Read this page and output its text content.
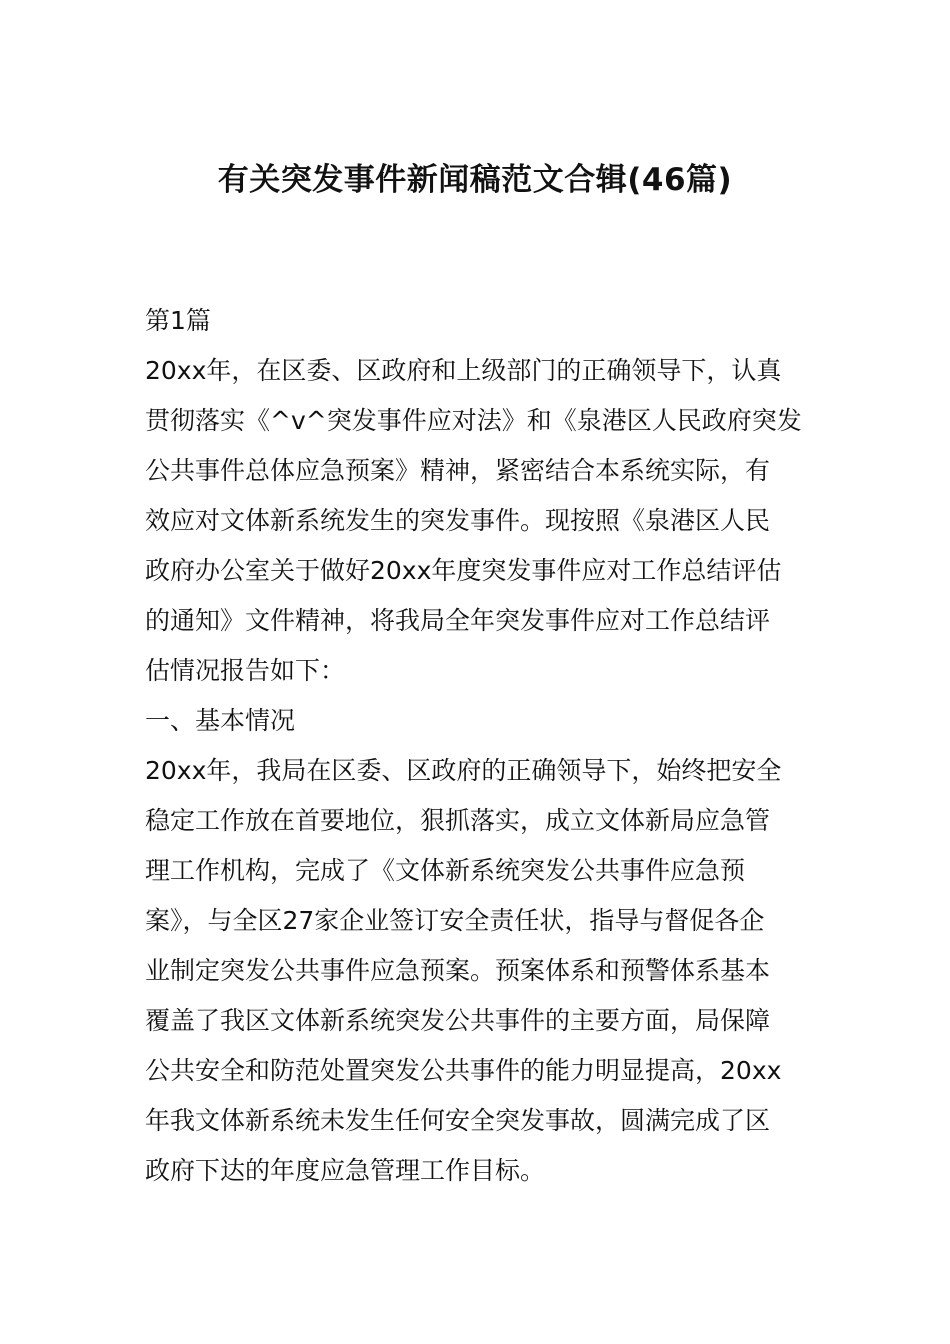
有关突发事件新闻稿范文合辑(46篇)
第1篇
20xx年，在区委、区政府和上级部门的正确领导下，认真
贯彻落实《^v^突发事件应对法》和《泉港区人民政府突发
公共事件总体应急预案》精神，紧密结合本系统实际，有
效应对文体新系统发生的突发事件。现按照《泉港区人民
政府办公室关于做好20xx年度突发事件应对工作总结评估
的通知》文件精神，将我局全年突发事件应对工作总结评
估情况报告如下：
一、基本情况
20xx年，我局在区委、区政府的正确领导下，始终把安全
稳定工作放在首要地位，狠抓落实，成立文体新局应急管
理工作机构，完成了《文体新系统突发公共事件应急预
案》，与全区27家企业签订安全责任状，指导与督促各企
业制定突发公共事件应急预案。预案体系和预警体系基本
覆盖了我区文体新系统突发公共事件的主要方面，局保障
公共安全和防范处置突发公共事件的能力明显提高，20xx
年我文体新系统未发生任何安全突发事故，圆满完成了区
政府下达的年度应急管理工作目标。
